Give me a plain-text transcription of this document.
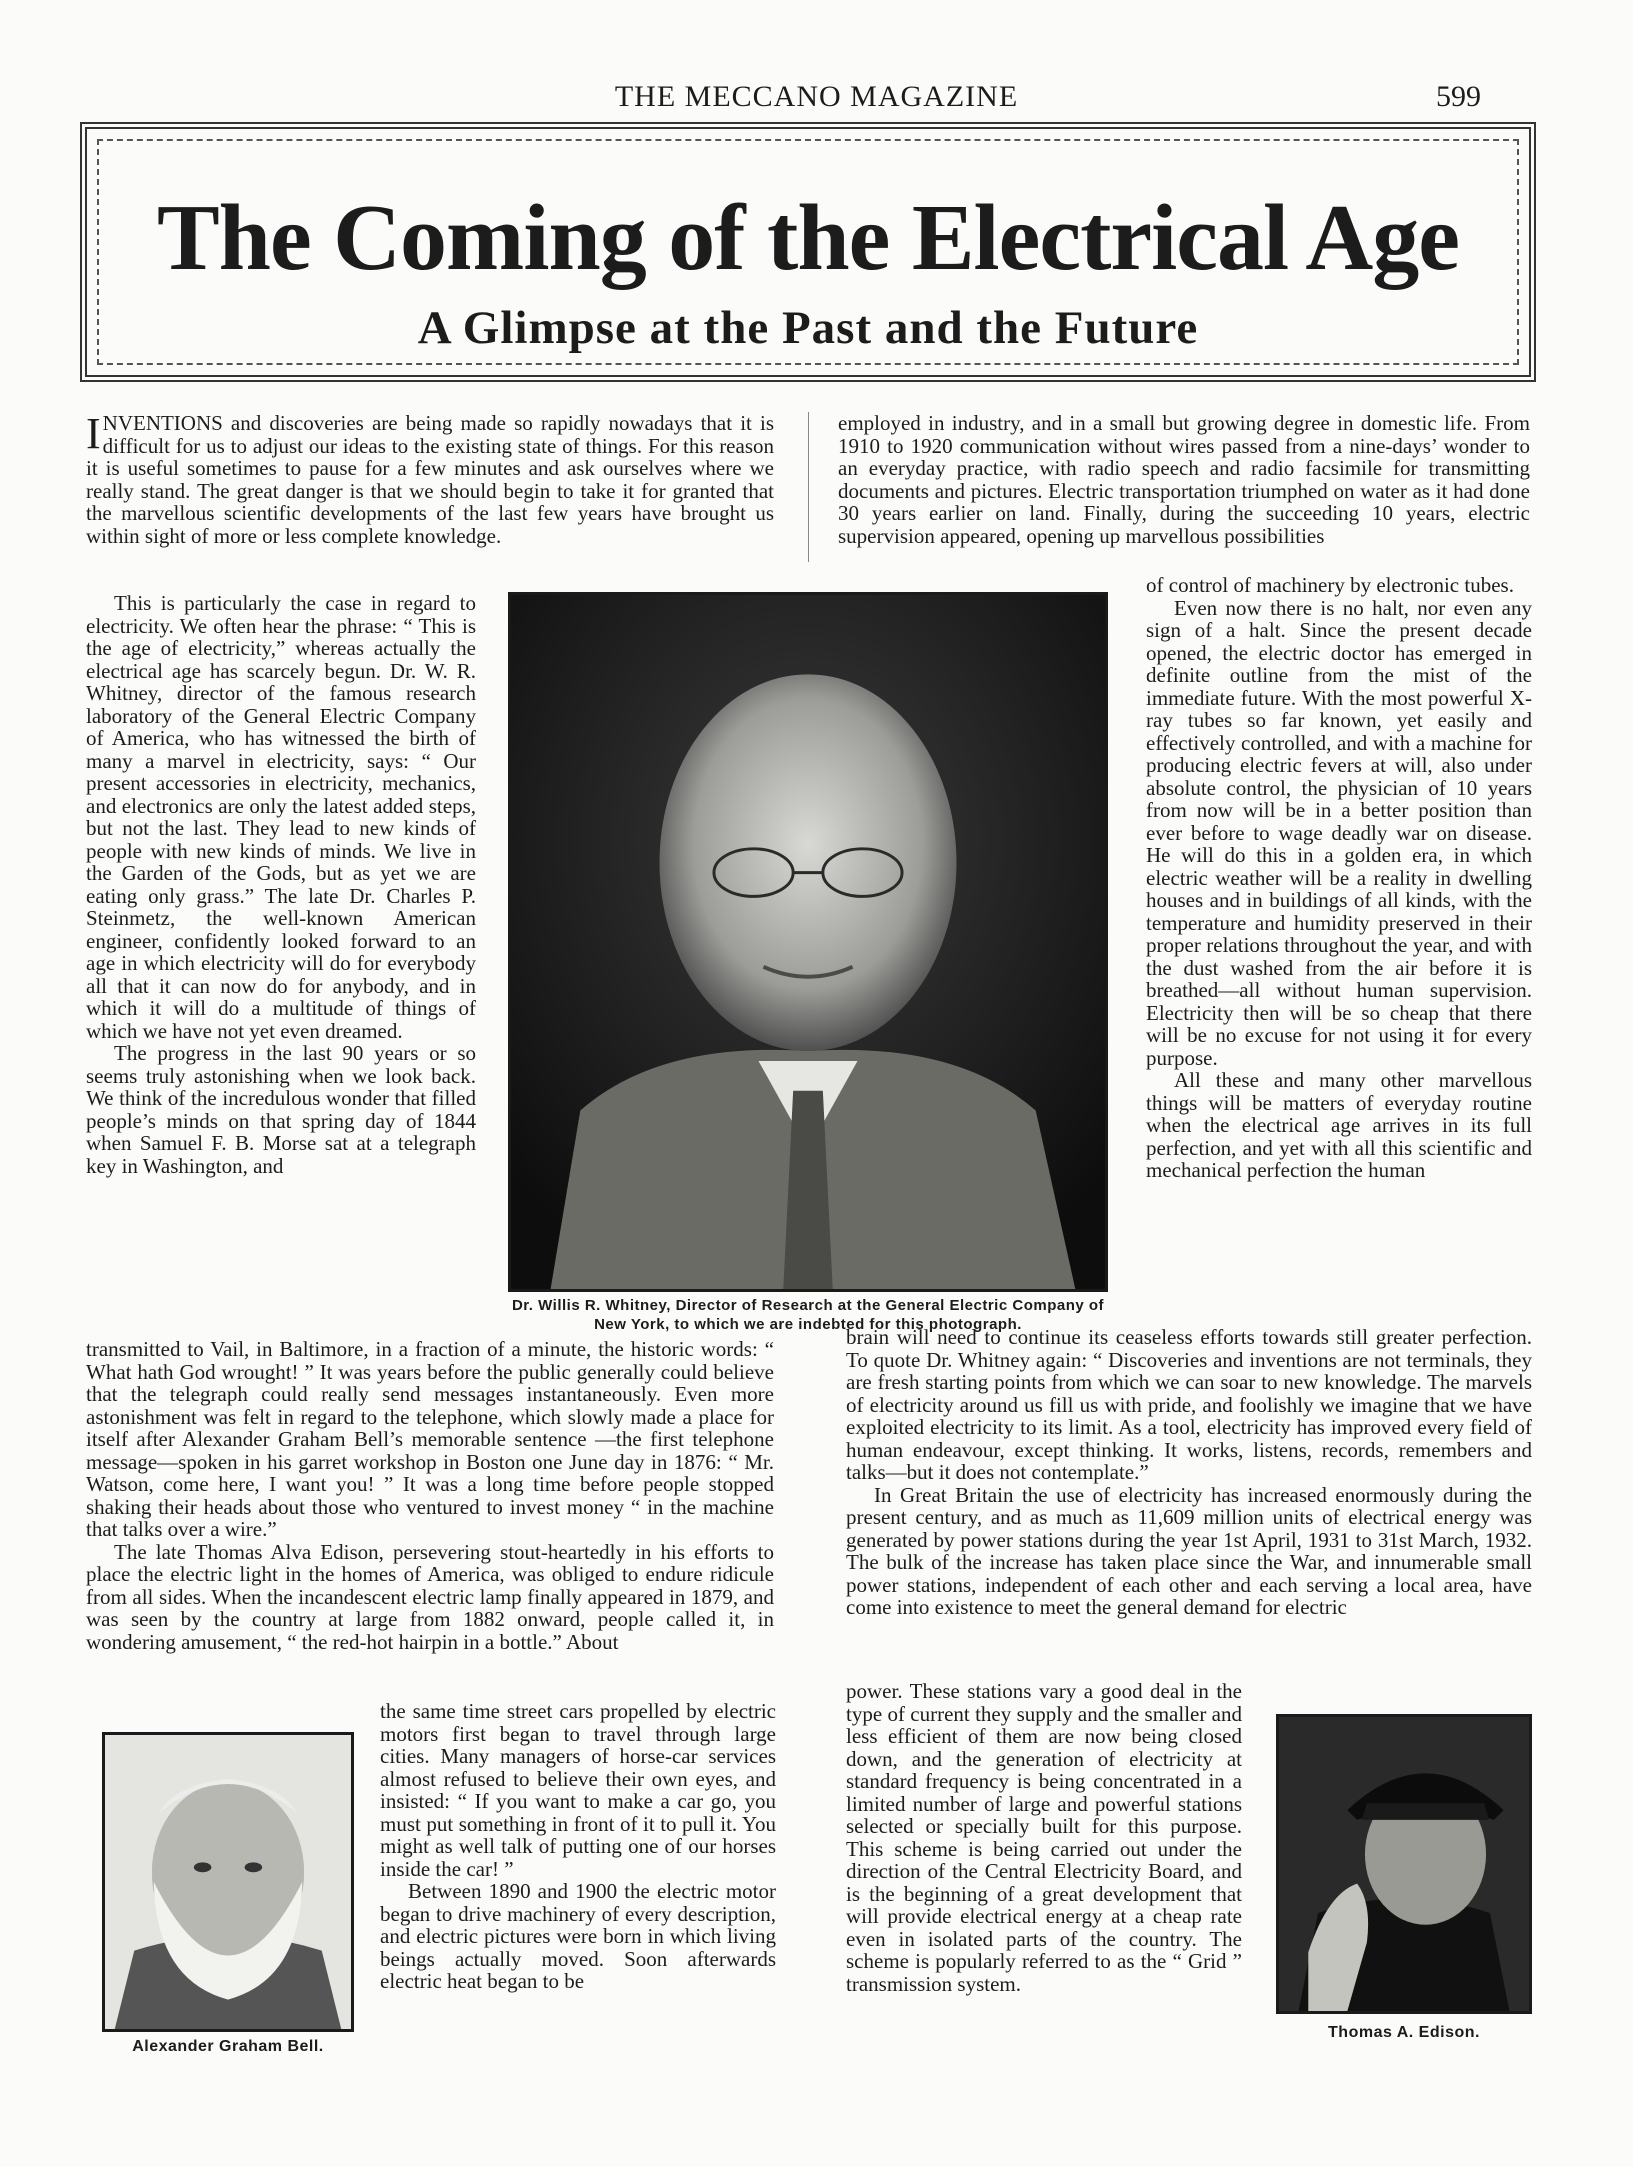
THE MECCANO MAGAZINE	599
The Coming of the Electrical Age
A Glimpse at the Past and the Future
INVENTIONS and discoveries are being made so rapidly nowadays that it is difficult for us to adjust our ideas to the existing state of things. For this reason it is useful sometimes to pause for a few minutes and ask ourselves where we really stand. The great danger is that we should begin to take it for granted that the marvellous scientific developments of the last few years have brought us within sight of more or less complete knowledge.
employed in industry, and in a small but growing degree in domestic life. From 1910 to 1920 communication without wires passed from a nine-days’ wonder to an everyday practice, with radio speech and radio facsimile for transmitting documents and pictures. Electric transportation triumphed on water as it had done 30 years earlier on land. Finally, during the succeeding 10 years, electric supervision appeared, opening up marvellous possibilities

This is particularly the case in regard to electricity. We often hear the phrase: “ This is the age of electricity,” whereas actually the electrical age has scarcely begun. Dr. W. R. Whitney, director of the famous research laboratory of the General Electric Company of America, who has witnessed the birth of many a marvel in electricity, says: “ Our present accessories in electricity, mechanics, and electronics are only the latest added steps, but not the last. They lead to new kinds of people with new kinds of minds. We live in the Garden of the Gods, but as yet we are eating only grass.” The late Dr. Charles P. Steinmetz, the well-known American engineer, confidently looked forward to an age in which electricity will do for everybody all that it can now do for anybody, and in which it will do a multitude of things of which we have not yet even dreamed.

The progress in the last 90 years or so seems truly astonishing when we look back. We think of the incredulous wonder that filled people’s minds on that spring day of 1844 when Samuel F. B. Morse sat at a telegraph key in Washington, and

Dr. Willis R. Whitney, Director of Research at the General Electric Company of New York, to which we are indebted for this photograph.

of control of machinery by electronic tubes.

Even now there is no halt, nor even any sign of a halt. Since the present decade opened, the electric doctor has emerged in definite outline from the mist of the immediate future. With the most powerful X-ray tubes so far known, yet easily and effectively controlled, and with a machine for producing electric fevers at will, also under absolute control, the physician of 10 years from now will be in a better position than ever before to wage deadly war on disease. He will do this in a golden era, in which electric weather will be a reality in dwelling houses and in buildings of all kinds, with the temperature and humidity preserved in their proper relations throughout the year, and with the dust washed from the air before it is breathed—all without human supervision. Electricity then will be so cheap that there will be no excuse for not using it for every purpose.

All these and many other marvellous things will be matters of everyday routine when the electrical age arrives in its full perfection, and yet with all this scientific and mechanical perfection the human

transmitted to Vail, in Baltimore, in a fraction of a minute, the historic words: “ What hath God wrought! ” It was years before the public generally could believe that the telegraph could really send messages instantaneously. Even more astonishment was felt in regard to the telephone, which slowly made a place for itself after Alexander Graham Bell’s memorable sentence —the first telephone message—spoken in his garret workshop in Boston one June day in 1876: “ Mr. Watson, come here, I want you! ” It was a long time before people stopped shaking their heads about those who ventured to invest money “ in the machine that talks over a wire.”

The late Thomas Alva Edison, persevering stout-heartedly in his efforts to place the electric light in the homes of America, was obliged to endure ridicule from all sides. When the incandescent electric lamp finally appeared in 1879, and was seen by the country at large from 1882 onward, people called it, in wondering amusement, “ the red-hot hairpin in a bottle.” About

brain will need to continue its ceaseless efforts towards still greater perfection. To quote Dr. Whitney again: “ Discoveries and inventions are not terminals, they are fresh starting points from which we can soar to new knowledge. The marvels of electricity around us fill us with pride, and foolishly we imagine that we have exploited electricity to its limit. As a tool, electricity has improved every field of human endeavour, except thinking. It works, listens, records, remembers and talks—but it does not contemplate.”

In Great Britain the use of electricity has increased enormously during the present century, and as much as 11,609 million units of electrical energy was generated by power stations during the year 1st April, 1931 to 31st March, 1932. The bulk of the increase has taken place since the War, and innumerable small power stations, independent of each other and each serving a local area, have come into existence to meet the general demand for electric

Alexander Graham Bell.

the same time street cars propelled by electric motors first began to travel through large cities. Many managers of horse-car services almost refused to believe their own eyes, and insisted: “ If you want to make a car go, you must put something in front of it to pull it. You might as well talk of putting one of our horses inside the car! ”

Between 1890 and 1900 the electric motor began to drive machinery of every description, and electric pictures were born in which living beings actually moved. Soon afterwards electric heat began to be

power. These stations vary a good deal in the type of current they supply and the smaller and less efficient of them are now being closed down, and the generation of electricity at standard frequency is being concentrated in a limited number of large and powerful stations selected or specially built for this purpose. This scheme is being carried out under the direction of the Central Electricity Board, and is the beginning of a great development that will provide electrical energy at a cheap rate even in isolated parts of the country. The scheme is popularly referred to as the “ Grid ” transmission system.

Thomas A. Edison.
